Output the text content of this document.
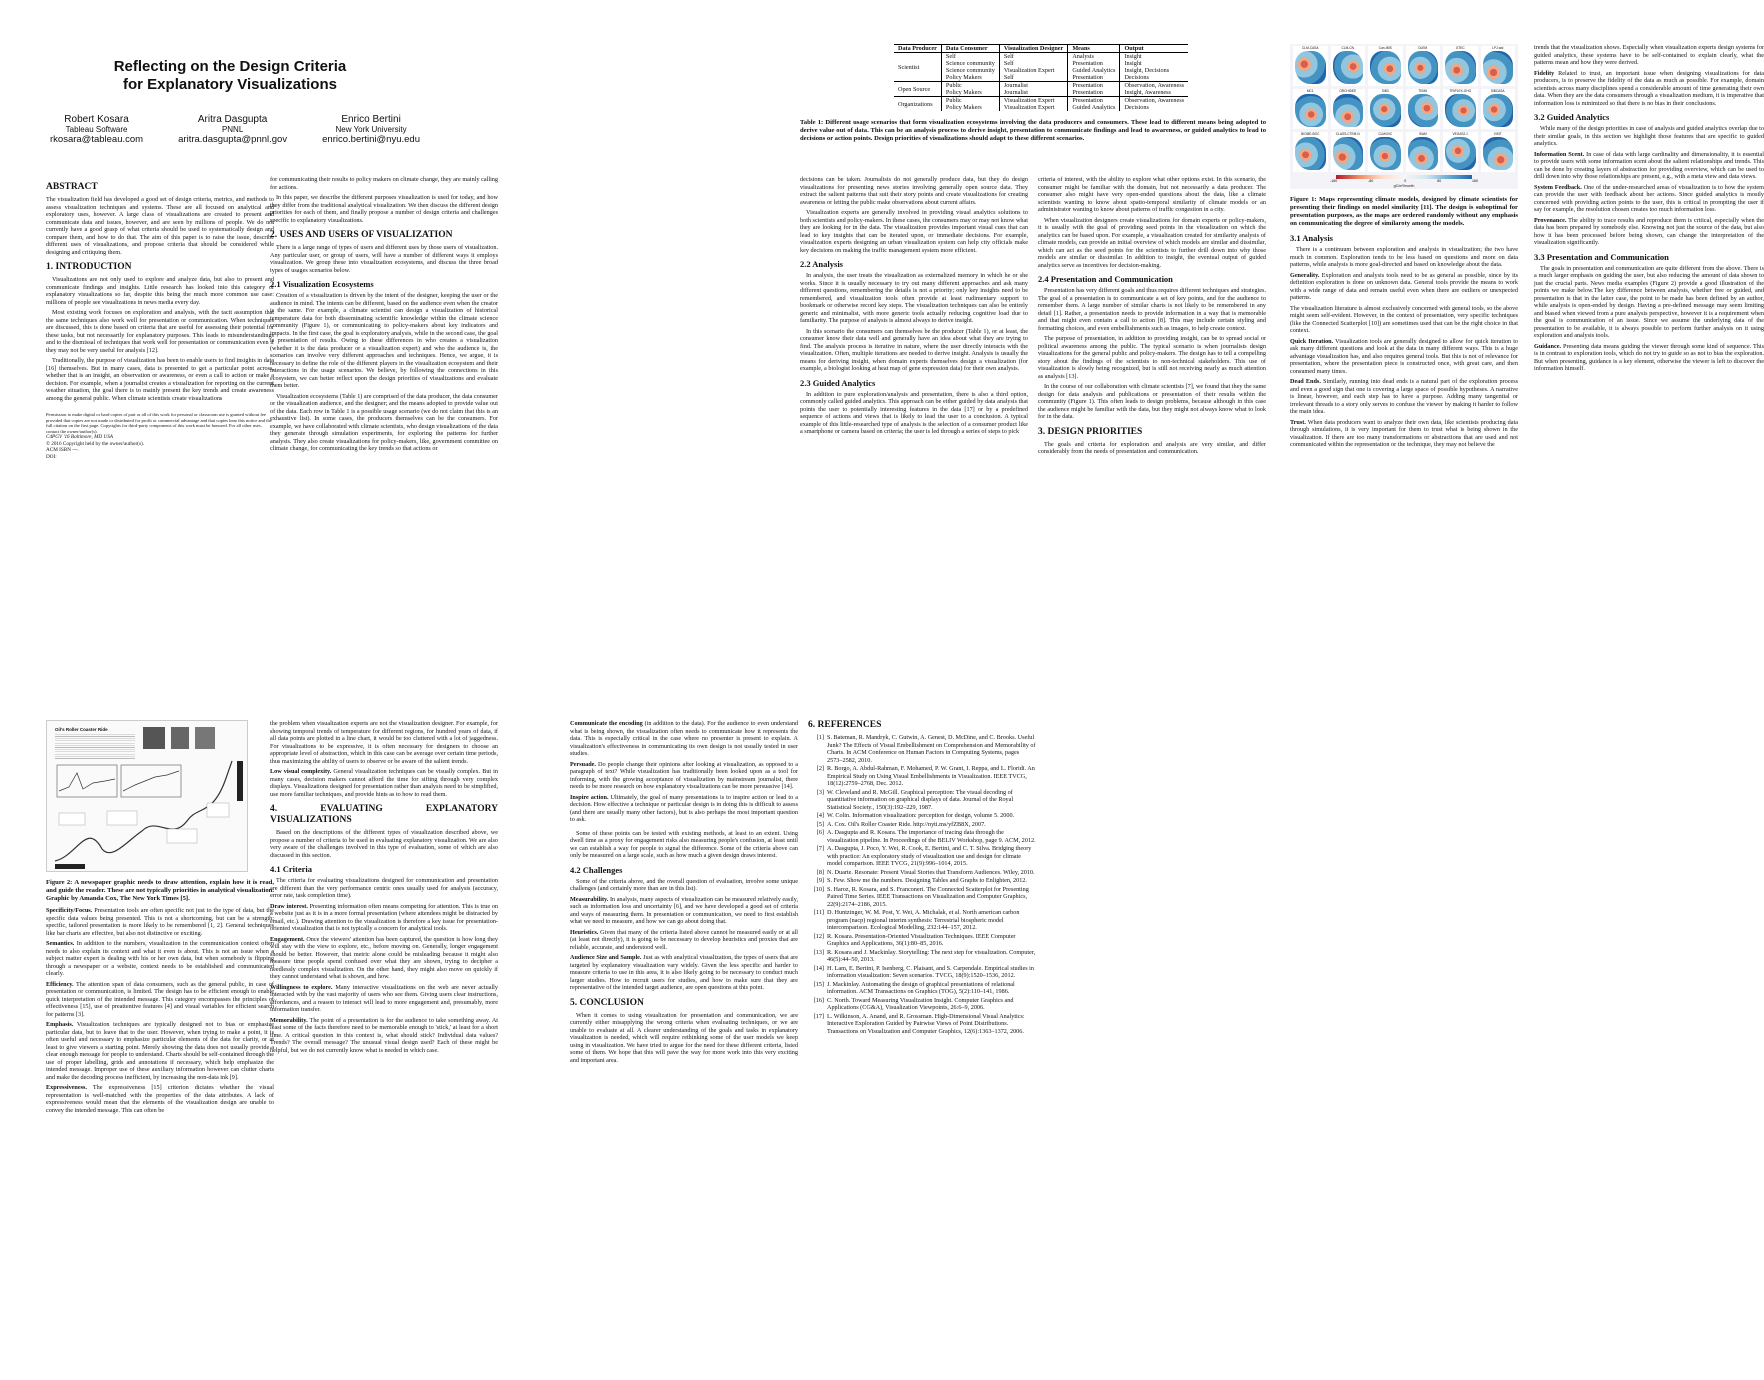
Reflecting on the Design Criteria
for Explanatory Visualizations
Robert Kosara
Tableau Software
rkosara@tableau.com
Aritra Dasgupta
PNNL
aritra.dasgupta@pnnl.gov
Enrico Bertini
New York University
enrico.bertini@nyu.edu
ABSTRACT

The visualization field has developed a good set of design criteria, metrics, and methods to assess visualization techniques and systems. These are all focused on analytical and exploratory uses, however. A large class of visualizations are created to present and communicate data and issues, however, and are seen by millions of people. We do not currently have a good grasp of what criteria should be used to systematically design and compare them, and how to do that. The aim of this paper is to raise the issue, describe different uses of visualizations, and propose criteria that should be considered while designing and critiquing them.

1. INTRODUCTION

Visualizations are not only used to explore and analyze data, but also to present and communicate findings and insights. Little research has looked into this category of explanatory visualizations so far, despite this being the much more common use case: millions of people see visualizations in news media every day.

Most existing work focuses on exploration and analysis, with the tacit assumption that the same techniques also work well for presentation or communication. When techniques are discussed, this is done based on criteria that are useful for assessing their potential for these tasks, but not necessarily for explanatory purposes. This leads to misunderstandings and to the dismissal of techniques that work well for presentation or communication even if they may not be very useful for analysis [12].

Traditionally, the purpose of visualization has been to enable users to find insights in data [16] themselves. But in many cases, data is presented to get a particular point across, whether that is an insight, an observation or awareness, or even a call to action or make a decision. For example, when a journalist creates a visualization for reporting on the current weather situation, the goal there is to mainly present the key trends and create awareness among the general public. When climate scientists create visualizations

Permission to make digital or hard copies of part or all of this work for personal or classroom use is granted without fee provided that copies are not made or distributed for profit or commercial advantage and that copies bear this notice and the full citation on the first page. Copyrights for third-party components of this work must be honored. For all other uses, contact the owner/author(s).
C4PGV '16 Baltimore, MD USA
© 2016 Copyright held by the owner/author(s).
ACM ISBN ---.
DOI:

for communicating their results to policy makers on climate change, they are mainly calling for actions.

In this paper, we describe the different purposes visualization is used for today, and how they differ from the traditional analytical visualization. We then discuss the different design priorities for each of them, and finally propose a number of design criteria and challenges specific to explanatory visualizations.

2. USES AND USERS OF VISUALIZATION

There is a large range of types of users and different uses by those users of visualization. Any particular user, or group of users, will have a number of different ways it employs visualization. We group these into visualization ecosystems, and discuss the three broad types of usages scenarios below.

2.1 Visualization Ecosystems

Creation of a visualization is driven by the intent of the designer, keeping the user or the audience in mind. The intents can be different, based on the audience even when the creator is the same. For example, a climate scientist can design a visualization of historical temperature data for both disseminating scientific knowledge within the climate science community (Figure 1), or communicating to policy-makers about key indicators and impacts. In the first case, the goal is exploratory analysis, while in the second case, the goal is presentation of results. Owing to these differences in who creates a visualization (whether it is the data producer or a visualization expert) and who the audience is, the scenarios can involve very different approaches and techniques. Hence, we argue, it is necessary to define the role of the different players in the visualization ecosystem and their interactions in the usage scenarios. We believe, by following the connections in this ecosystem, we can better reflect upon the design priorities of visualizations and evaluate them better.

Visualization ecosystems (Table 1) are comprised of the data producer, the data consumer or the visualization audience, and the designer; and the means adopted to provide value out of the data. Each row in Table 1 is a possible usage scenario (we do not claim that this is an exhaustive list). In some cases, the producers themselves can be the consumers. For example, we have collaborated with climate scientists, who design visualizations of the data they generate through simulation experiments, for exploring the patterns for further analysis. They also create visualizations for policy-makers, like, government committee on climate change, for communicating the key trends so that actions or

Data Producer	Data Consumer	Visualization Designer	Means	Output
Scientist	Self	Self	Analysis	Insight
	Science community	Self	Presentation	Insight
	Science community	Visualization Expert	Guided Analytics	Insight, Decisions
	Policy Makers	Self	Presentation	Decisions
Open Source	Public	Journalist	Presentation	Observation, Awareness
	Policy Makers	Journalist	Presentation	Insight, Awareness
Organizations	Public	Visualization Expert	Presentation	Observation, Awareness
	Policy Makers	Visualization Expert	Guided Analytics	Decisions
Table 1: Different usage scenarios that form visualization ecosystems involving the data producers and consumers. These lead to different means being adopted to derive value out of data. This can be an analysis process to derive insight, presentation to communicate findings and lead to awareness, or guided analytics to lead to decisions or action points. Design priorities of visualizations should adapt to these different scenarios.

decisions can be taken. Journalists do not generally produce data, but they do design visualizations for presenting news stories involving generally open source data. They extract the salient patterns that suit their story points and create visualizations for creating awareness or letting the public make observations about current affairs.

Visualization experts are generally involved in providing visual analytics solutions to both scientists and policy-makers. In these cases, the consumers may or may not know what they are looking for in the data. The visualization provides important visual cues that can lead to key insights that can be iterated upon, or immediate decisions. For example, visualization experts designing an urban visualization system can help city officials make key decisions on making the traffic management system more efficient.

2.2 Analysis

In analysis, the user treats the visualization as externalized memory in which he or she works. Since it is usually necessary to try out many different approaches and ask many different questions, remembering the details is not a priority; only key insights need to be remembered, and visualization tools often provide at least rudimentary support to bookmark or otherwise record key steps. The visualization techniques can also be entirely generic and minimalist, with more generic tools actually reducing cognitive load due to familiarity. The purpose of analysis is almost always to derive insight.

In this scenario the consumers can themselves be the producer (Table 1), or at least, the consumer know their data well and generally have an idea about what they are trying to find. The analysis process is iterative in nature, where the user directly interacts with the visualization. Often, multiple iterations are needed to derive insight. Analysis is usually the means for deriving insight, when domain experts themselves design a visualization (for example, a biologist looking at heat map of gene expression data) for their own analysis.

2.3 Guided Analytics

In addition to pure exploration/analysis and presentation, there is also a third option, commonly called guided analytics. This approach can be either guided by data analysis that points the user to potentially interesting features in the data [17] or by a predefined sequence of actions and views that is likely to lead the user to a conclusion. A typical example of this little-researched type of analysis is the selection of a consumer product like a smartphone or camera based on criteria; the user is led through a series of steps to pick

criteria of interest, with the ability to explore what other options exist. In this scenario, the consumer might be familiar with the domain, but not necessarily a data producer. The consumer also might have very open-ended questions about the data, like a climate scientists wanting to know about spatio-temporal similarity of climate models or an administrator wanting to know about patterns of traffic congestion in a city.

When visualization designers create visualizations for domain experts or policy-makers, it is usually with the goal of providing seed points in the visualization on which the analytics can be based upon. For example, a visualization created for similarity analysis of climate models, can provide an initial overview of which models are similar and dissimilar, which can act as the seed points for the scientists to further drill down into why those models are similar or dissimilar. In addition to insight, the eventual output of guided analytics serve as incentives for decision-making.

2.4 Presentation and Communication

Presentation has very different goals and thus requires different techniques and strategies. The goal of a presentation is to communicate a set of key points, and for the audience to remember them. A large number of similar charts is not likely to be remembered in any detail [1]. Rather, a presentation needs to provide information in a way that is memorable and that might even contain a call to action [8]. This may include certain styling and formatting choices, and even embellishments such as images, to help create context.

The purpose of presentation, in addition to providing insight, can be to spread social or political awareness among the public. The typical scenario is when journalists design visualizations for the general public and policy-makers. The design has to tell a compelling story about the findings of the scientists to non-technical stakeholders. This use of visualization is slowly being recognized, but is still not receiving nearly as much attention as analysis [13].

In the course of our collaboration with climate scientists [7], we found that they the same design for data analysis and publications or presentation of their results within the community (Figure 1). This often leads to design problems, because although in this case the audience might be familiar with the data, but they might not always know what to look for in the data.

3. DESIGN PRIORITIES

The goals and criteria for exploration and analysis are very similar, and differ considerably from the needs of presentation and communication.

CLM-CASA	CLM-CN	Can-IBIS	DLEM	GTEC	LPJ-wsl
MC1	ORCHIDEE	SiB3	TEM6	TRIPLEX-GHG	SiBCASA
BIOME-BGC	CLASS-CTEM-N	CLM4VIC	ISAM	VEGAS2.1	VISIT
-160	-80	0	80	160
gC/m²/month
Figure 1: Maps representing climate models, designed by climate scientists for presenting their findings on model similarity [11]. The design is suboptimal for presentation purposes, as the maps are ordered randomly without any emphasis on communicating the degree of similaroty among the models.
3.1 Analysis

There is a continuum between exploration and analysis in visualization; the two have much in common. Exploration tends to be less based on questions and more on data patterns, while analysis is more goal-directed and based on knowledge about the data.

Generality. Exploration and analysis tools need to be as general as possible, since by its definition exploration is done on unknown data. General tools provide the means to work with a wide range of data and remain useful even when there are outliers or unexpected patterns.

The visualization literature is almost exclusively concerned with general tools, so the above might seem self-evident. However, in the context of presentation, very specific techniques (like the Connected Scatterplot [10]) are sometimes used that can be the right choice in that context.

Quick Iteration. Visualization tools are generally designed to allow for quick iteration to ask many different questions and look at the data in many different ways. This is a huge advantage visualization has, and also requires general tools. But this is not of relevance for presentation, where the presentation piece is constructed once, with great care, and then consumed many times.

Dead Ends. Similarly, running into dead ends is a natural part of the exploration process and even a good sign that one is covering a large space of possible hypotheses. A narrative is linear, however, and each step has to have a purpose. Adding many tangential or irrelevant threads to a story only serves to confuse the viewer by making it harder to follow the main idea.

Trust. When data producers want to analyze their own data, like scientists producing data through simulations, it is very important for them to trust what is being shown in the visualization. If there are too many transformations or abstractions that are used and not communicated within the representation or the technique, they may not believe the

trends that the visualization shows. Especially when visualization experts design systems for guided analytics, these systems have to be self-contained to explain clearly, what the patterns mean and how they were derived.

Fidelity Related to trust, an important issue when designing visualizations for data producers, is to preserve the fidelity of the data as much as possible. For example, domain scientists across many disciplines spend a considerable amount of time generating their own data. When they are the data consumers through a visualization medium, it is imperative that information loss is minimized so that there is no bias in their conclusions.

3.2 Guided Analytics

While many of the design priorities in case of analysis and guided analytics overlap due to their similar goals, in this section we highlight those features that are specific to guided analytics.

Information Scent. In case of data with large cardinality and dimensionality, it is essential to provide users with some information scent about the salient relationships and trends. This can be done by creating layers of abstraction for providing overview, which can be used to drill down into why those relationships are present, e.g., with a meta view and data views.

System Feedback. One of the under-researched areas of visualization is to how the system can provide the user with feedback about her actions. Since guided analytics is mostly concerned with providing action points to the user, this is critical in prompting the user if say for example, the resolution chosen creates too much information loss.

Provenance. The ability to trace results and reproduce them is critical, especially when the data has been prepared by somebody else. Knowing not just the source of the data, but also how it has been processed before being shown, can change the interpretation of the visualization significantly.

3.3 Presentation and Communication

The goals in presentation and communication are quite different from the above. There is a much larger emphasis on guiding the user, but also reducing the amount of data shown to just the crucial parts. News media examples (Figure 2) provide a good illustration of the points we make below.The key difference between analysis, whether free or guided, and presentation is that in the latter case, the point to be made has been defined by an author, while analysis is open-ended by design. Having a pre-defined message may seem limiting and biased when viewed from a pure analysis perspective, however it is a requirement when the goal is communication of an issue. Since we assume the underlying data of the presentation to be available, it is always possible to perform further analysis on it using exploration and analysis tools.

Guidance. Presenting data means guiding the viewer through some kind of sequence. This is in contrast to exploration tools, which do not try to guide so as not to bias the exploration. But when presenting, guidance is a key element, otherwise the viewer is left to discover the information himself.

Oil's Roller Coaster Ride
Figure 2: A newspaper graphic needs to draw attention, explain how it is read, and guide the reader. These are not typically priorities in analytical visualization. Graphic by Amanda Cox, The New York Times [5].

Specificity/Focus. Presentation tools are often specific not just to the type of data, but the specific data values being presented. This is not a shortcoming, but can be a strength: specific, tailored presentation is more likely to be remembered [1, 2]. General techniques like bar charts are effective, but also not distinctive or exciting.

Semantics. In addition to the numbers, visualization in the communication context often needs to also explain its context and what it even is about. This is not an issue when a subject matter expert is dealing with his or her own data, but when somebody is flipping through a newspaper or a website, context needs to be established and communicated clearly.

Efficiency. The attention span of data consumers, such as the general public, in case of presentation or communication, is limited. The design has to be efficient enough to enable quick interpretation of the intended message. This category encompasses the principles of effectiveness [15], use of preattentive features [4] and visual variables for efficient search for patterns [3].

Emphasis. Visualization techniques are typically designed not to bias or emphasize particular data, but to leave that to the user. However, when trying to make a point, it is often useful and necessary to emphasize particular elements of the data for clarity, or at least to give viewers a starting point. Merely showing the data does not usually provide a clear enough message for people to understand. Charts should be self-contained through the use of proper labelling, grids and annotations if necessary, which help emphasize the intended message. Improper use of these auxiliary information however can clutter charts and make the decoding process inefficient, by increasing the non-data ink [9].

Expressiveness. The expressiveness [15] criterion dictates whether the visual representation is well-matched with the properties of the data attributes. A lack of expressiveness would mean that the elements of the visualization design are unable to convey the intended message. This can often be

the problem when visualization experts are not the visualization designer. For example, for showing temporal trends of temperature for different regions, for hundred years of data, if all data points are plotted in a line chart, it would be too cluttered with a lot of jaggedness. For visualizations to be expressive, it is often necessary for designers to choose an appropriate level of abstraction, which in this case can be average over certain time periods, thus maximizing the ability of users to observe or be aware of the salient trends.

Low visual complexity. General visualization techniques can be visually complex. But in many cases, decision makers cannot afford the time for sifting through very complex displays. Visualizations designed for presentation rather than analysis need to be simplified, use more familiar techniques, and provide hints as to how to read them.

4. EVALUATING EXPLANATORY VISUALIZATIONS

Based on the descriptions of the different types of visualization described above, we propose a number of criteria to be used in evaluating explanatory visualization. We are also very aware of the challenges involved in this type of evaluation, some of which are also discussed in this section.

4.1 Criteria

The criteria for evaluating visualizations designed for communication and presentation are different than the very performance centric ones usually used for analysis (accuracy, error rate, task completion time).

Draw interest. Presenting information often means competing for attention. This is true on a website just as it is in a more formal presentation (where attendees might be distracted by email, etc.). Drawing attention to the visualization is therefore a key issue for presentation-oriented visualization that is not typically a concern for analytical tools.

Engagement. Once the viewers' attention has been captured, the question is how long they will stay with the view to explore, etc., before moving on. Generally, longer engagement should be better. However, that metric alone could be misleading because it might also measure time people spend confused over what they are shown, trying to decipher a needlessly complex visualization. On the other hand, they might also move on quickly if they cannot understand what is shown, and how.

Willingness to explore. Many interactive visualizations on the web are never actually interacted with by the vast majority of users who see them. Giving users clear instructions, affordances, and a reason to interact will lead to more engagement and, presumably, more information transfer.

Memorability. The point of a presentation is for the audience to take something away. At least some of the facts therefore need to be memorable enough to 'stick,' at least for a short time. A critical question in this context is, what should stick? Individual data values? Trends? The overall message? The unusual visual design used? Each of these might be helpful, but we do not currently know what is needed in which case.

Communicate the encoding (in addition to the data). For the audience to even understand what is being shown, the visualization often needs to communicate how it represents the data. This is especially critical in the case where no presenter is present to explain. A visualization's effectiveness in communicating its own design is not usually tested in user studies.

Persuade. Do people change their opinions after looking at visualization, as opposed to a paragraph of text? While visualization has traditionally been looked upon as a tool for informing, with the growing acceptance of visualization by mainstream journalist, there needs to be more research on how explanatory visualizations can be more persuasive [14].

Inspire action. Ultimately, the goal of many presentations is to inspire action or lead to a decision. How effective a technique or particular design is in doing this is difficult to assess (and there are usually many other factors), but is also perhaps the most important question to ask.

Some of these points can be tested with existing methods, at least to an extent. Using dwell time as a proxy for engagement risks also measuring people's confusion, at least until we can establish a way for people to signal the difference. Some of the criteria above can only be measured on a large scale, such as how much a given design draws interest.

4.2 Challenges

Some of the criteria above, and the overall question of evaluation, involve some unique challenges (and certainly more than are in this list).

Measurability. In analysis, many aspects of visualization can be measured relatively easily, such as information loss and uncertainty [6], and we have developed a good set of criteria and ways of measuring them. In presentation or communication, we need to first establish what we need to measure, and how we can go about doing that.

Heuristics. Given that many of the criteria listed above cannot be measured easily or at all (at least not directly), it is going to be necessary to develop heuristics and proxies that are reliable, accurate, and understood well.

Audience Size and Sample. Just as with analytical visualization, the types of users that are targeted by explanatory visualization vary widely. Given the less specific and harder to measure criteria to use in this area, it is also likely going to be necessary to conduct much larger studies. How to recruit users for studies, and how to make sure that they are representative of the intended target audience, are open questions at this point.

5. CONCLUSION

When it comes to using visualization for presentation and communication, we are currently either misapplying the wrong criteria when evaluating techniques, or we are unable to evaluate at all. A clearer understanding of the goals and tasks in explanatory visualization is needed, which will require rethinking some of the user models we keep using in visualization. We have tried to argue for the need for these different criteria, listed some of them. We hope that this will pave the way for more work into this very exciting and important area.

6. REFERENCES
[1] S. Bateman, R. Mandryk, C. Gutwin, A. Genest, D. McDine, and C. Brooks. Useful Junk? The Effects of Visual Embellishment on Comprehension and Memorability of Charts. In ACM Conference on Human Factors in Computing Systems, pages 2573–2582, 2010.
[2] R. Borgo, A. Abdul-Rahman, F. Mohamed, P. W. Grant, I. Reppa, and L. Floridi. An Empirical Study on Using Visual Embellishments in Visualization. IEEE TVCG, 18(12):2759–2768, Dec. 2012.
[3] W. Cleveland and R. McGill. Graphical perception: The visual decoding of quantitative information on graphical displays of data. Journal of the Royal Statistical Society., 150(3):192–229, 1987.
[4] W. Colin. Information visualization: perception for design, volume 5. 2000.
[5] A. Cox. Oil's Roller Coaster Ride. http://nyti.ms/yfZB8X, 2007.
[6] A. Dasgupta and R. Kosara. The importance of tracing data through the visualization pipeline. In Proceedings of the BELIV Workshop, page 9. ACM, 2012.
[7] A. Dasgupta, J. Poco, Y. Wei, R. Cook, E. Bertini, and C. T. Silva. Bridging theory with practice: An exploratory study of visualization use and design for climate model comparison. IEEE TVCG, 21(9):996–1014, 2015.
[8] N. Duarte. Resonate: Present Visual Stories that Transform Audiences. Wiley, 2010.
[9] S. Few. Show me the numbers. Designing Tables and Graphs to Enlighten, 2012.
[10] S. Haroz, R. Kosara, and S. Franconeri. The Connected Scatterplot for Presenting Paired Time Series. IEEE Transactions on Visualization and Computer Graphics, 22(9):2174–2186, 2015.
[11] D. Huntzinger, W. M. Post, Y. Wei, A. Michalak, et al. North american carbon program (nacp) regional interim synthesis: Terrestrial biospheric model intercomparison. Ecological Modelling, 232:144–157, 2012.
[12] R. Kosara. Presentation-Oriented Visualization Techniques. IEEE Computer Graphics and Applications, 36(1):80–85, 2016.
[13] R. Kosara and J. Mackinlay. Storytelling: The next step for visualization. Computer, 46(5):44–50, 2013.
[14] H. Lam, E. Bertini, P. Isenberg, C. Plaisant, and S. Carpendale. Empirical studies in information visualization: Seven scenarios. TVCG, 18(9):1520–1536, 2012.
[15] J. Mackinlay. Automating the design of graphical presentations of relational information. ACM Transactions on Graphics (TOG), 5(2):110–141, 1986.
[16] C. North. Toward Measuring Visualization Insight. Computer Graphics and Applications (CG&A), Visualization Viewpoints, 26:6–9, 2006.
[17] L. Wilkinson, A. Anand, and R. Grossman. High-Dimensional Visual Analytics: Interactive Exploration Guided by Pairwise Views of Point Distributions. Transactions on Visualization and Computer Graphics, 12(6):1363–1372, 2006.
